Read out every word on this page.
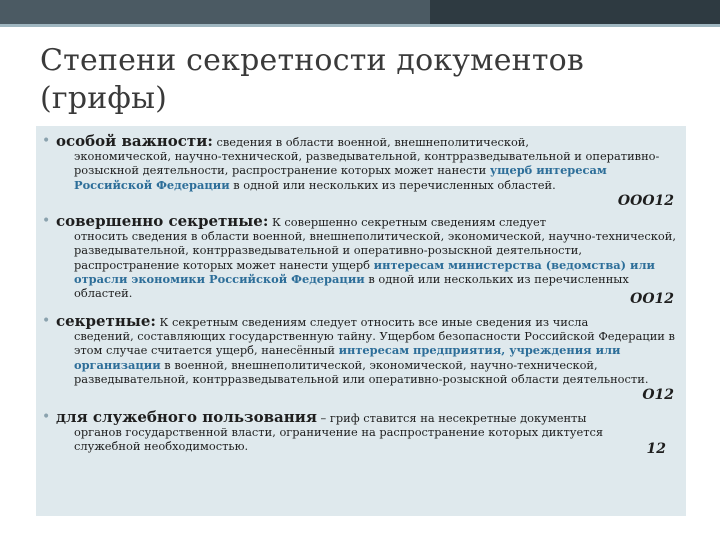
Степени секретности документов (грифы)
• особой важности: сведения в области военной, внешнеполитической,
экономической, научно-технической, разведывательной, контрразведывательной и оперативно-розыскной деятельности, распространение которых может нанести ущерб интересам Российской Федерации в одной или нескольких из перечисленных областей.
OOO12
• совершенно секретные: К совершенно секретным сведениям следует
относить сведения в области военной, внешнеполитической, экономической, научно-технической, разведывательной, контрразведывательной и оперативно-розыскной деятельности, распространение которых может нанести ущерб интересам министерства (ведомства) или отрасли экономики Российской Федерации в одной или нескольких из перечисленных областей.	OO12
• секретные: К секретным сведениям следует относить все иные сведения из числа
сведений, составляющих государственную тайну. Ущербом безопасности Российской Федерации в этом случае считается ущерб, нанесённый интересам предприятия, учреждения или организации в военной, внешнеполитической, экономической, научно-технической, разведывательной, контрразведывательной или оперативно-розыскной области деятельности.
O12
• для служебного пользования – гриф ставится на несекретные документы
органов государственной власти, ограничение на распространение которых диктуется служебной необходимостью.	12
